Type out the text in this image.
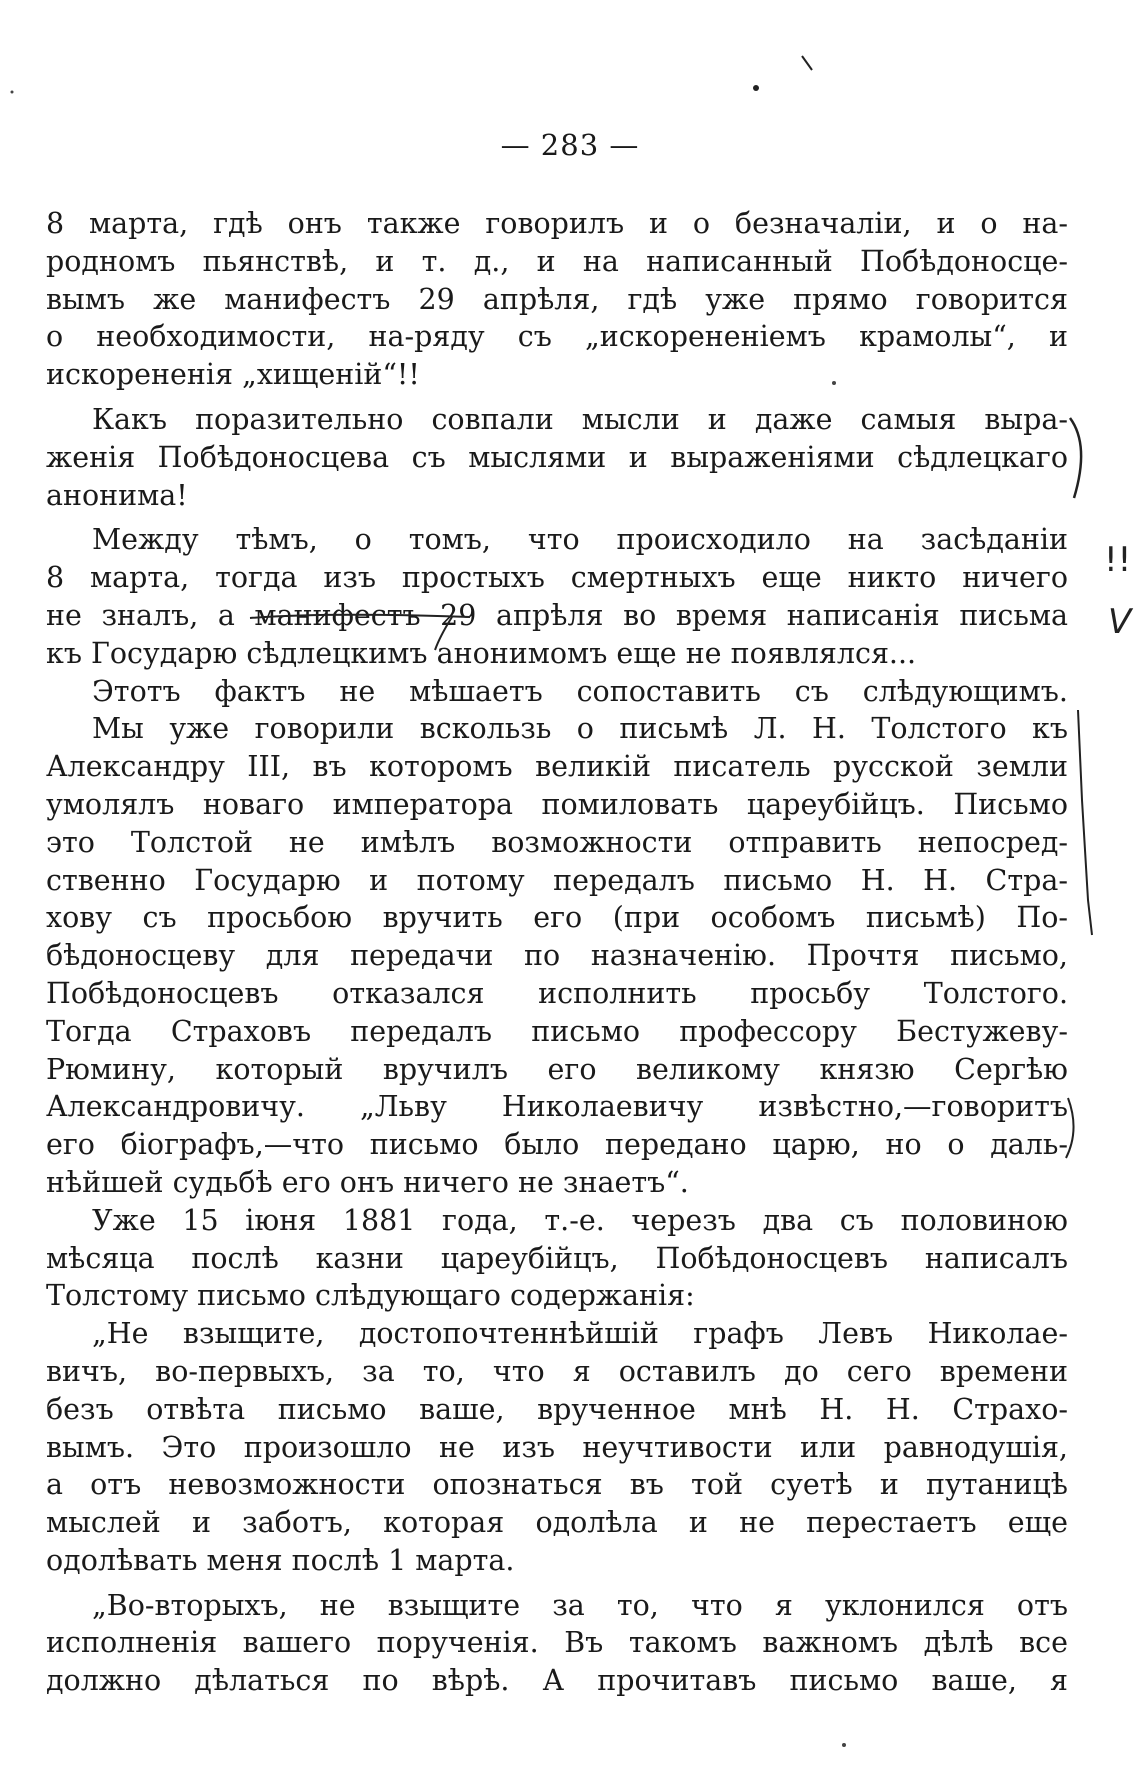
— 283 —
8 марта, гдѣ онъ также говорилъ и о безначаліи, и о на-
родномъ пьянствѣ, и т. д., и на написанный Побѣдоносце-
вымъ же манифестъ 29 апрѣля, гдѣ уже прямо говорится
о необходимости, на-ряду съ „искорененіемъ крамолы“, и
искорененія „хищеній“!!
Какъ поразительно совпали мысли и даже самыя выра-
женія Побѣдоносцева съ мыслями и выраженіями сѣдлецкаго
анонима!
Между тѣмъ, о томъ, что происходило на засѣданіи
8 марта, тогда изъ простыхъ смертныхъ еще никто ничего
не зналъ, а манифестъ 29 апрѣля во время написанія письма
къ Государю сѣдлецкимъ анонимомъ еще не появлялся...
Этотъ фактъ не мѣшаетъ сопоставить съ слѣдующимъ.
Мы уже говорили вскользь о письмѣ Л. Н. Толстого къ
Александру III, въ которомъ великій писатель русской земли
умолялъ новаго императора помиловать цареубійцъ. Письмо
это Толстой не имѣлъ возможности отправить непосред-
ственно Государю и потому передалъ письмо Н. Н. Стра-
хову съ просьбою вручить его (при особомъ письмѣ) По-
бѣдоносцеву для передачи по назначенію. Прочтя письмо,
Побѣдоносцевъ отказался исполнить просьбу Толстого.
Тогда Страховъ передалъ письмо профессору Бестужеву-
Рюмину, который вручилъ его великому князю Сергѣю
Александровичу. „Льву Николаевичу извѣстно,—говоритъ
его біографъ,—что письмо было передано царю, но о даль-
нѣйшей судьбѣ его онъ ничего не знаетъ“.
Уже 15 іюня 1881 года, т.-е. черезъ два съ половиною
мѣсяца послѣ казни цареубійцъ, Побѣдоносцевъ написалъ
Толстому письмо слѣдующаго содержанія:
„Не взыщите, достопочтеннѣйшій графъ Левъ Николае-
вичъ, во-первыхъ, за то, что я оставилъ до сего времени
безъ отвѣта письмо ваше, врученное мнѣ Н. Н. Страхо-
вымъ. Это произошло не изъ неучтивости или равнодушія,
а отъ невозможности опознаться въ той суетѣ и путаницѣ
мыслей и заботъ, которая одолѣла и не перестаетъ еще
одолѣвать меня послѣ 1 марта.
„Во-вторыхъ, не взыщите за то, что я уклонился отъ
исполненія вашего порученія. Въ такомъ важномъ дѣлѣ все
должно дѣлаться по вѣрѣ. А прочитавъ письмо ваше, я
!!
V
